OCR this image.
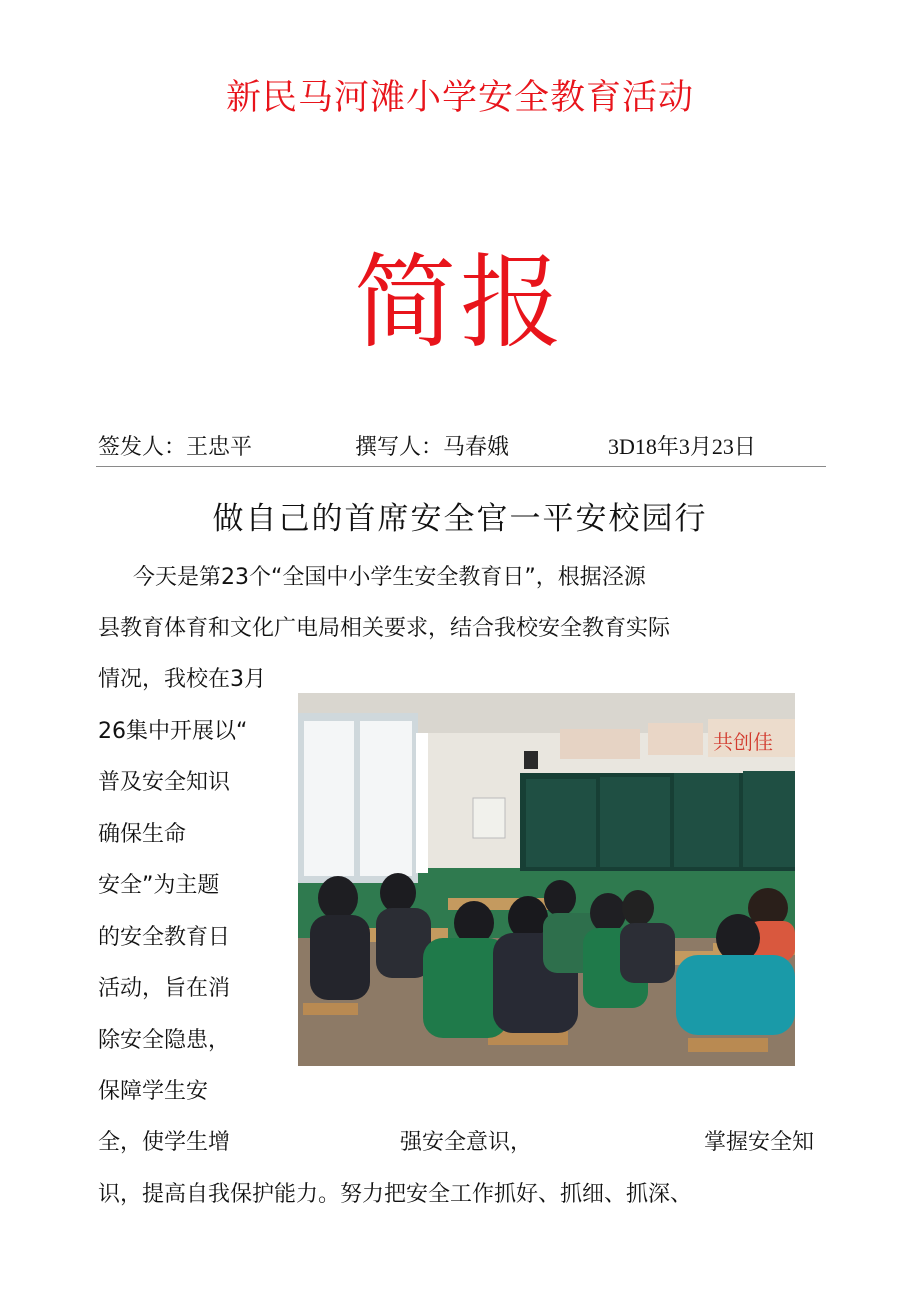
新民马河滩小学安全教育活动
简报
签发人：王忠平	撰写人：马春娥	3D18年3月23日
做自己的首席安全官一平安校园行
今天是第23个“全国中小学生安全教育日”，根据泾源
县教育体育和文化广电局相关要求，结合我校安全教育实际
情况，我校在3月
26集中开展以“
普及安全知识
确保生命
安全”为主题
的安全教育日
活动，旨在消
除安全隐患，
保障学生安
全，使学生增	强安全意识，	掌握安全知
识，提高自我保护能力。努力把安全工作抓好、抓细、抓深、
共创佳
